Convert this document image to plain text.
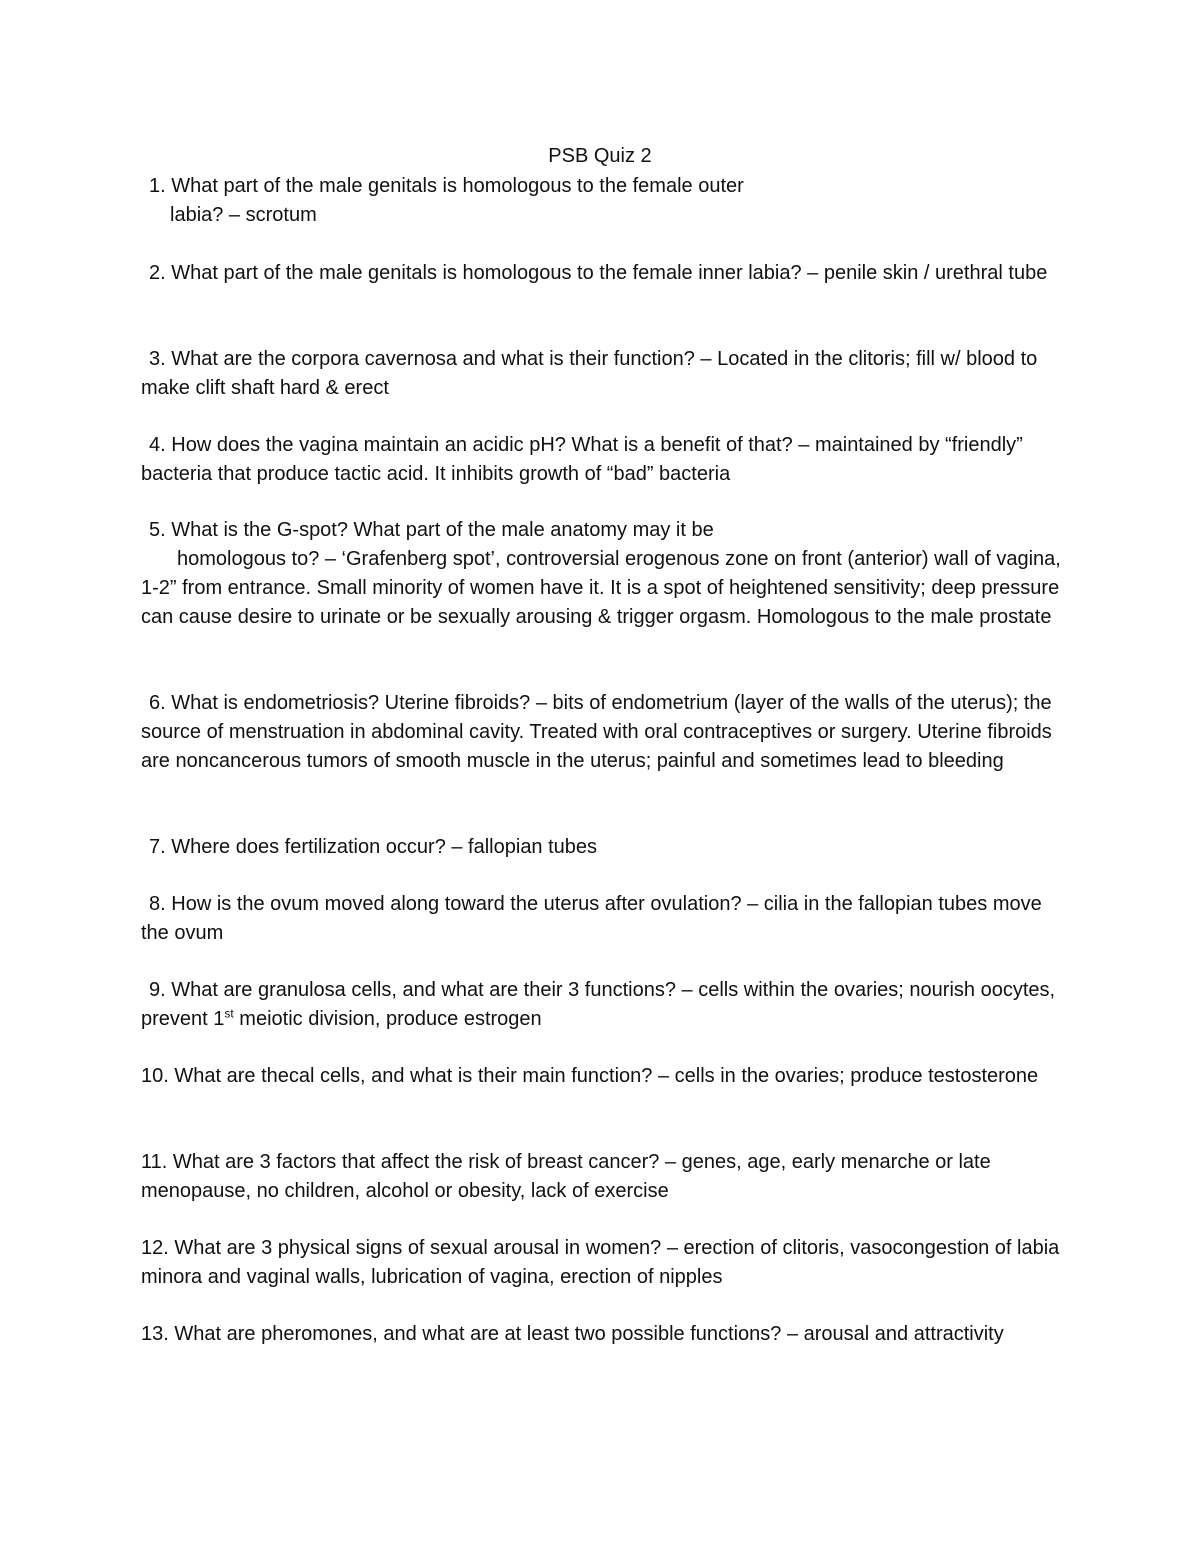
PSB Quiz 2
1. What part of the male genitals is homologous to the female outer
labia? – scrotum
2. What part of the male genitals is homologous to the female inner labia? – penile skin / urethral tube
3. What are the corpora cavernosa and what is their function? – Located in the clitoris; fill w/ blood to make clift shaft hard & erect
4. How does the vagina maintain an acidic pH? What is a benefit of that? – maintained by “friendly” bacteria that produce tactic acid. It inhibits growth of “bad” bacteria
5. What is the G-spot? What part of the male anatomy may it be
homologous to? – ‘Grafenberg spot’, controversial erogenous zone on front (anterior) wall of vagina, 1-2” from entrance. Small minority of women have it. It is a spot of heightened sensitivity; deep pressure can cause desire to urinate or be sexually arousing & trigger orgasm. Homologous to the male prostate
6. What is endometriosis? Uterine fibroids? – bits of endometrium (layer of the walls of the uterus); the source of menstruation in abdominal cavity. Treated with oral contraceptives or surgery. Uterine fibroids are noncancerous tumors of smooth muscle in the uterus; painful and sometimes lead to bleeding
7. Where does fertilization occur? – fallopian tubes
8. How is the ovum moved along toward the uterus after ovulation? – cilia in the fallopian tubes move the ovum
9. What are granulosa cells, and what are their 3 functions? – cells within the ovaries; nourish oocytes, prevent 1st meiotic division, produce estrogen
10. What are thecal cells, and what is their main function? – cells in the ovaries; produce testosterone
11. What are 3 factors that affect the risk of breast cancer? – genes, age, early menarche or late menopause, no children, alcohol or obesity, lack of exercise
12. What are 3 physical signs of sexual arousal in women? – erection of clitoris, vasocongestion of labia minora and vaginal walls, lubrication of vagina, erection of nipples
13. What are pheromones, and what are at least two possible functions? – arousal and attractivity
